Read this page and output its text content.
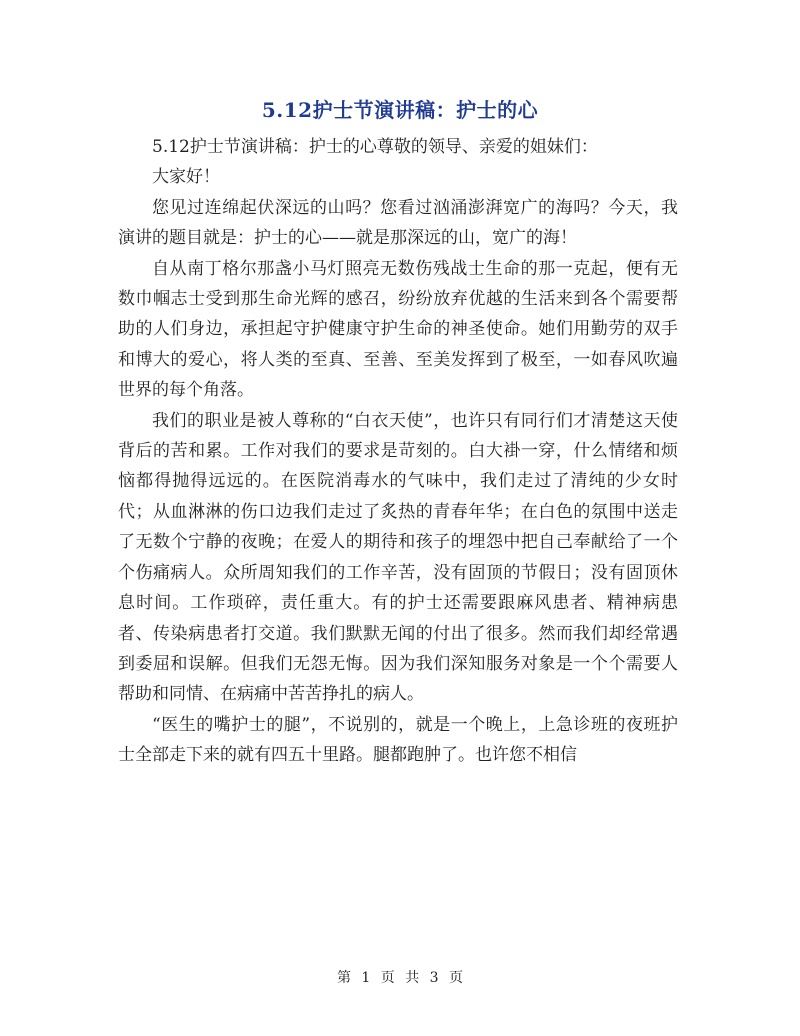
5.12护士节演讲稿：护士的心

5.12护士节演讲稿：护士的心尊敬的领导、亲爱的姐妹们：

大家好！

您见过连绵起伏深远的山吗？您看过汹涌澎湃宽广的海吗？今天，我演讲的题目就是：护士的心——就是那深远的山，宽广的海！

自从南丁格尔那盏小马灯照亮无数伤残战士生命的那一克起，便有无数巾帼志士受到那生命光辉的感召，纷纷放弃优越的生活来到各个需要帮助的人们身边，承担起守护健康守护生命的神圣使命。她们用勤劳的双手和博大的爱心，将人类的至真、至善、至美发挥到了极至，一如春风吹遍世界的每个角落。

我们的职业是被人尊称的“白衣天使”，也许只有同行们才清楚这天使背后的苦和累。工作对我们的要求是苛刻的。白大褂一穿，什么情绪和烦恼都得抛得远远的。在医院消毒水的气味中，我们走过了清纯的少女时代；从血淋淋的伤口边我们走过了炙热的青春年华；在白色的氛围中送走了无数个宁静的夜晚；在爱人的期待和孩子的埋怨中把自己奉献给了一个个伤痛病人。众所周知我们的工作辛苦，没有固顶的节假日；没有固顶休息时间。工作琐碎，责任重大。有的护士还需要跟麻风患者、精神病患者、传染病患者打交道。我们默默无闻的付出了很多。然而我们却经常遇到委屈和误解。但我们无怨无悔。因为我们深知服务对象是一个个需要人帮助和同情、在病痛中苦苦挣扎的病人。

“医生的嘴护士的腿”，不说别的，就是一个晚上，上急诊班的夜班护士全部走下来的就有四五十里路。腿都跑肿了。也许您不相信

第 1 页 共 3 页
